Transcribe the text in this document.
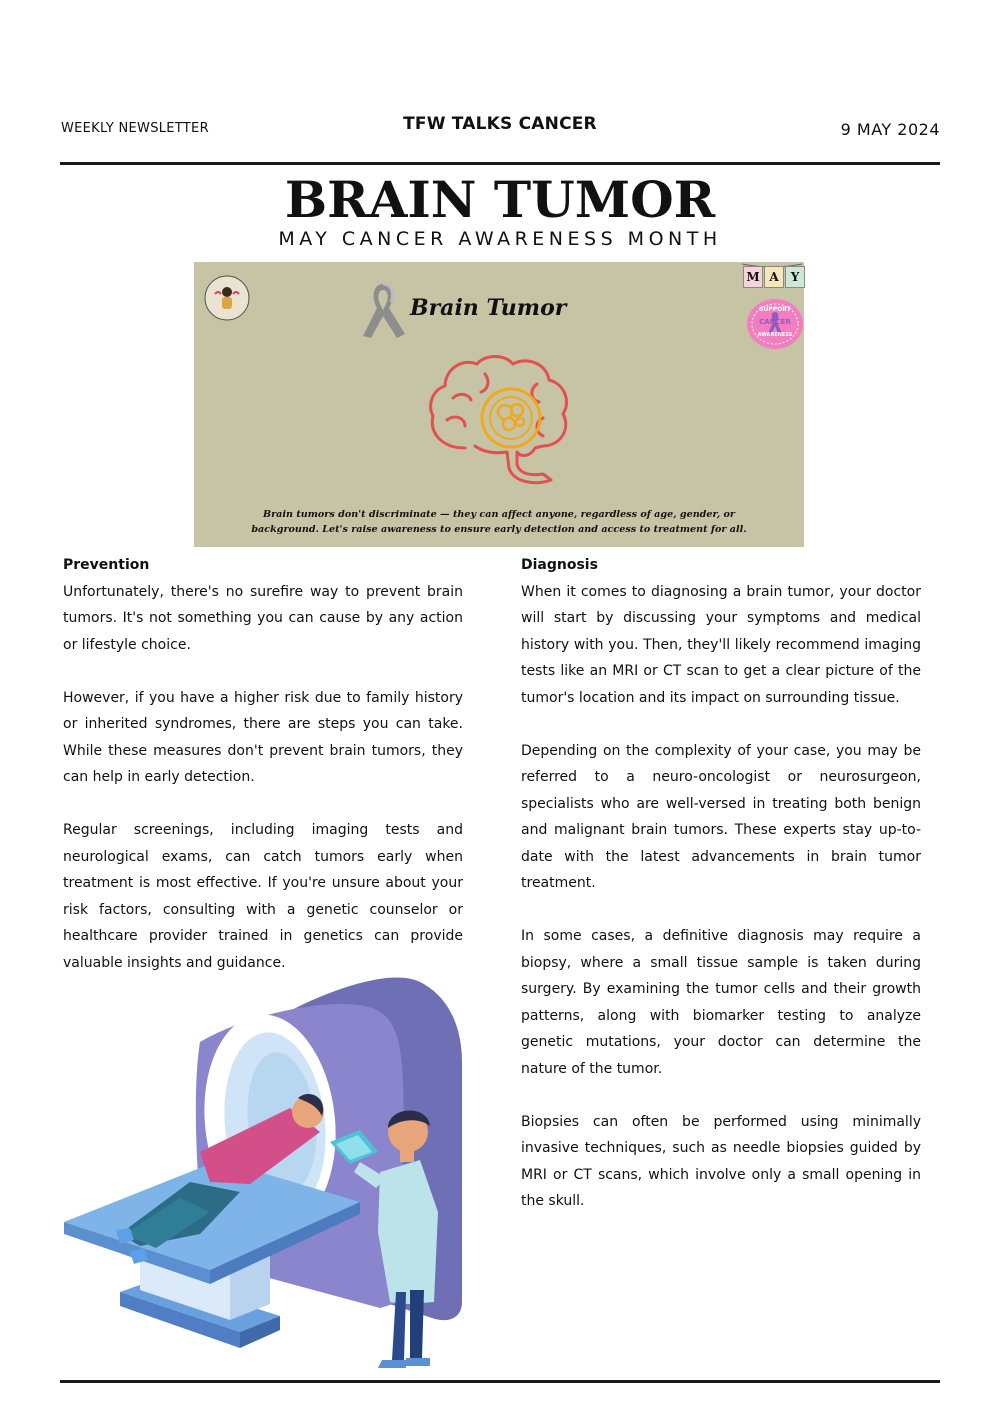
WEEKLY NEWSLETTER	TFW TALKS CANCER	9 MAY 2024
BRAIN TUMOR
MAY CANCER AWARENESS MONTH
Brain Tumor
M A	Y
SUPPORT
CANCER
AWARENESS
Brain tumors don't discriminate — they can affect anyone, regardless of age, gender, or
background. Let's raise awareness to ensure early detection and access to treatment for all.
Prevention

Unfortunately, there's no surefire way to prevent brain tumors. It's not something you can cause by any action or lifestyle choice.

However, if you have a higher risk due to family history or inherited syndromes, there are steps you can take. While these measures don't prevent brain tumors, they can help in early detection.

Regular screenings, including imaging tests and neurological exams, can catch tumors early when treatment is most effective. If you're unsure about your risk factors, consulting with a genetic counselor or healthcare provider trained in genetics can provide valuable insights and guidance.

Diagnosis

When it comes to diagnosing a brain tumor, your doctor will start by discussing your symptoms and medical history with you. Then, they'll likely recommend imaging tests like an MRI or CT scan to get a clear picture of the tumor's location and its impact on surrounding tissue.

Depending on the complexity of your case, you may be referred to a neuro-oncologist or neurosurgeon, specialists who are well-versed in treating both benign and malignant brain tumors. These experts stay up-to-date with the latest advancements in brain tumor treatment.

In some cases, a definitive diagnosis may require a biopsy, where a small tissue sample is taken during surgery. By examining the tumor cells and their growth patterns, along with biomarker testing to analyze genetic mutations, your doctor can determine the nature of the tumor.

Biopsies can often be performed using minimally invasive techniques, such as needle biopsies guided by MRI or CT scans, which involve only a small opening in the skull.
